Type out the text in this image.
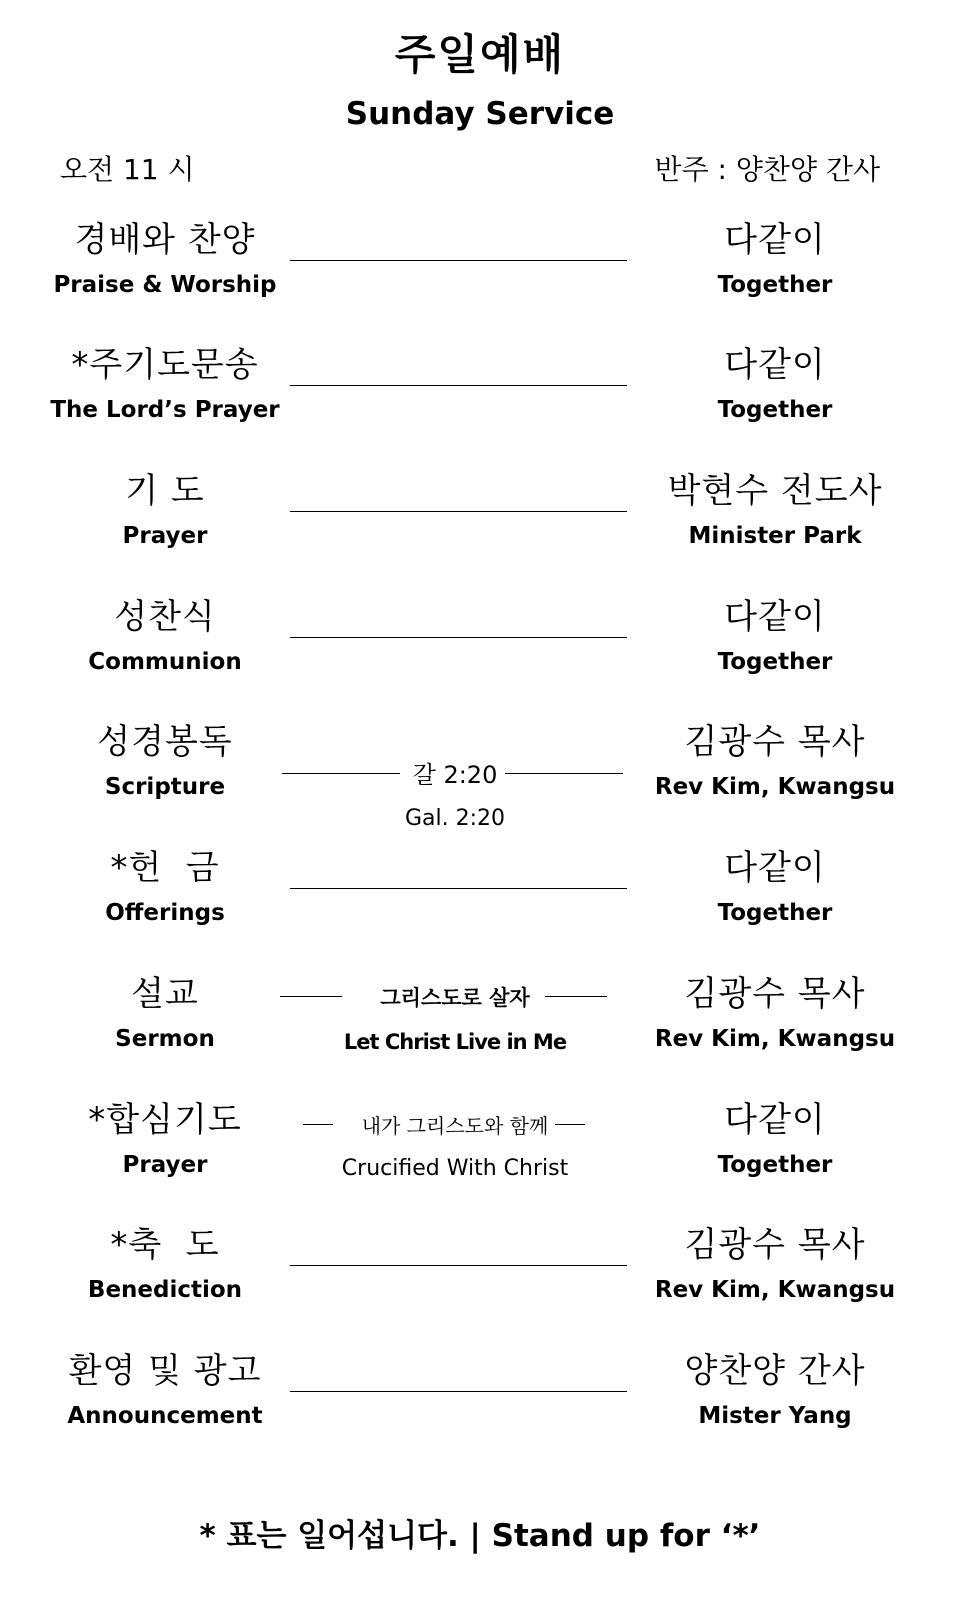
주일예배
Sunday Service
오전 11 시	반주 : 양찬양 간사
경배와 찬양
Praise & Worship
다같이
Together
*주기도문송
The Lord’s Prayer
다같이
Together
기 도
Prayer
박현수 전도사
Minister Park
성찬식
Communion
다같이
Together
성경봉독
Scripture	갈 2:20
Gal. 2:20
김광수 목사
Rev Kim, Kwangsu
*헌  금
Offerings
다같이
Together
설교
Sermon
그리스도로 살자
Let Christ Live in Me
김광수 목사
Rev Kim, Kwangsu
*합심기도
Prayer
내가 그리스도와 함께
Crucified With Christ
다같이
Together
*축  도
Benediction
김광수 목사
Rev Kim, Kwangsu
환영 및 광고
Announcement
양찬양 간사
Mister Yang
* 표는 일어섭니다. | Stand up for ‘*’
